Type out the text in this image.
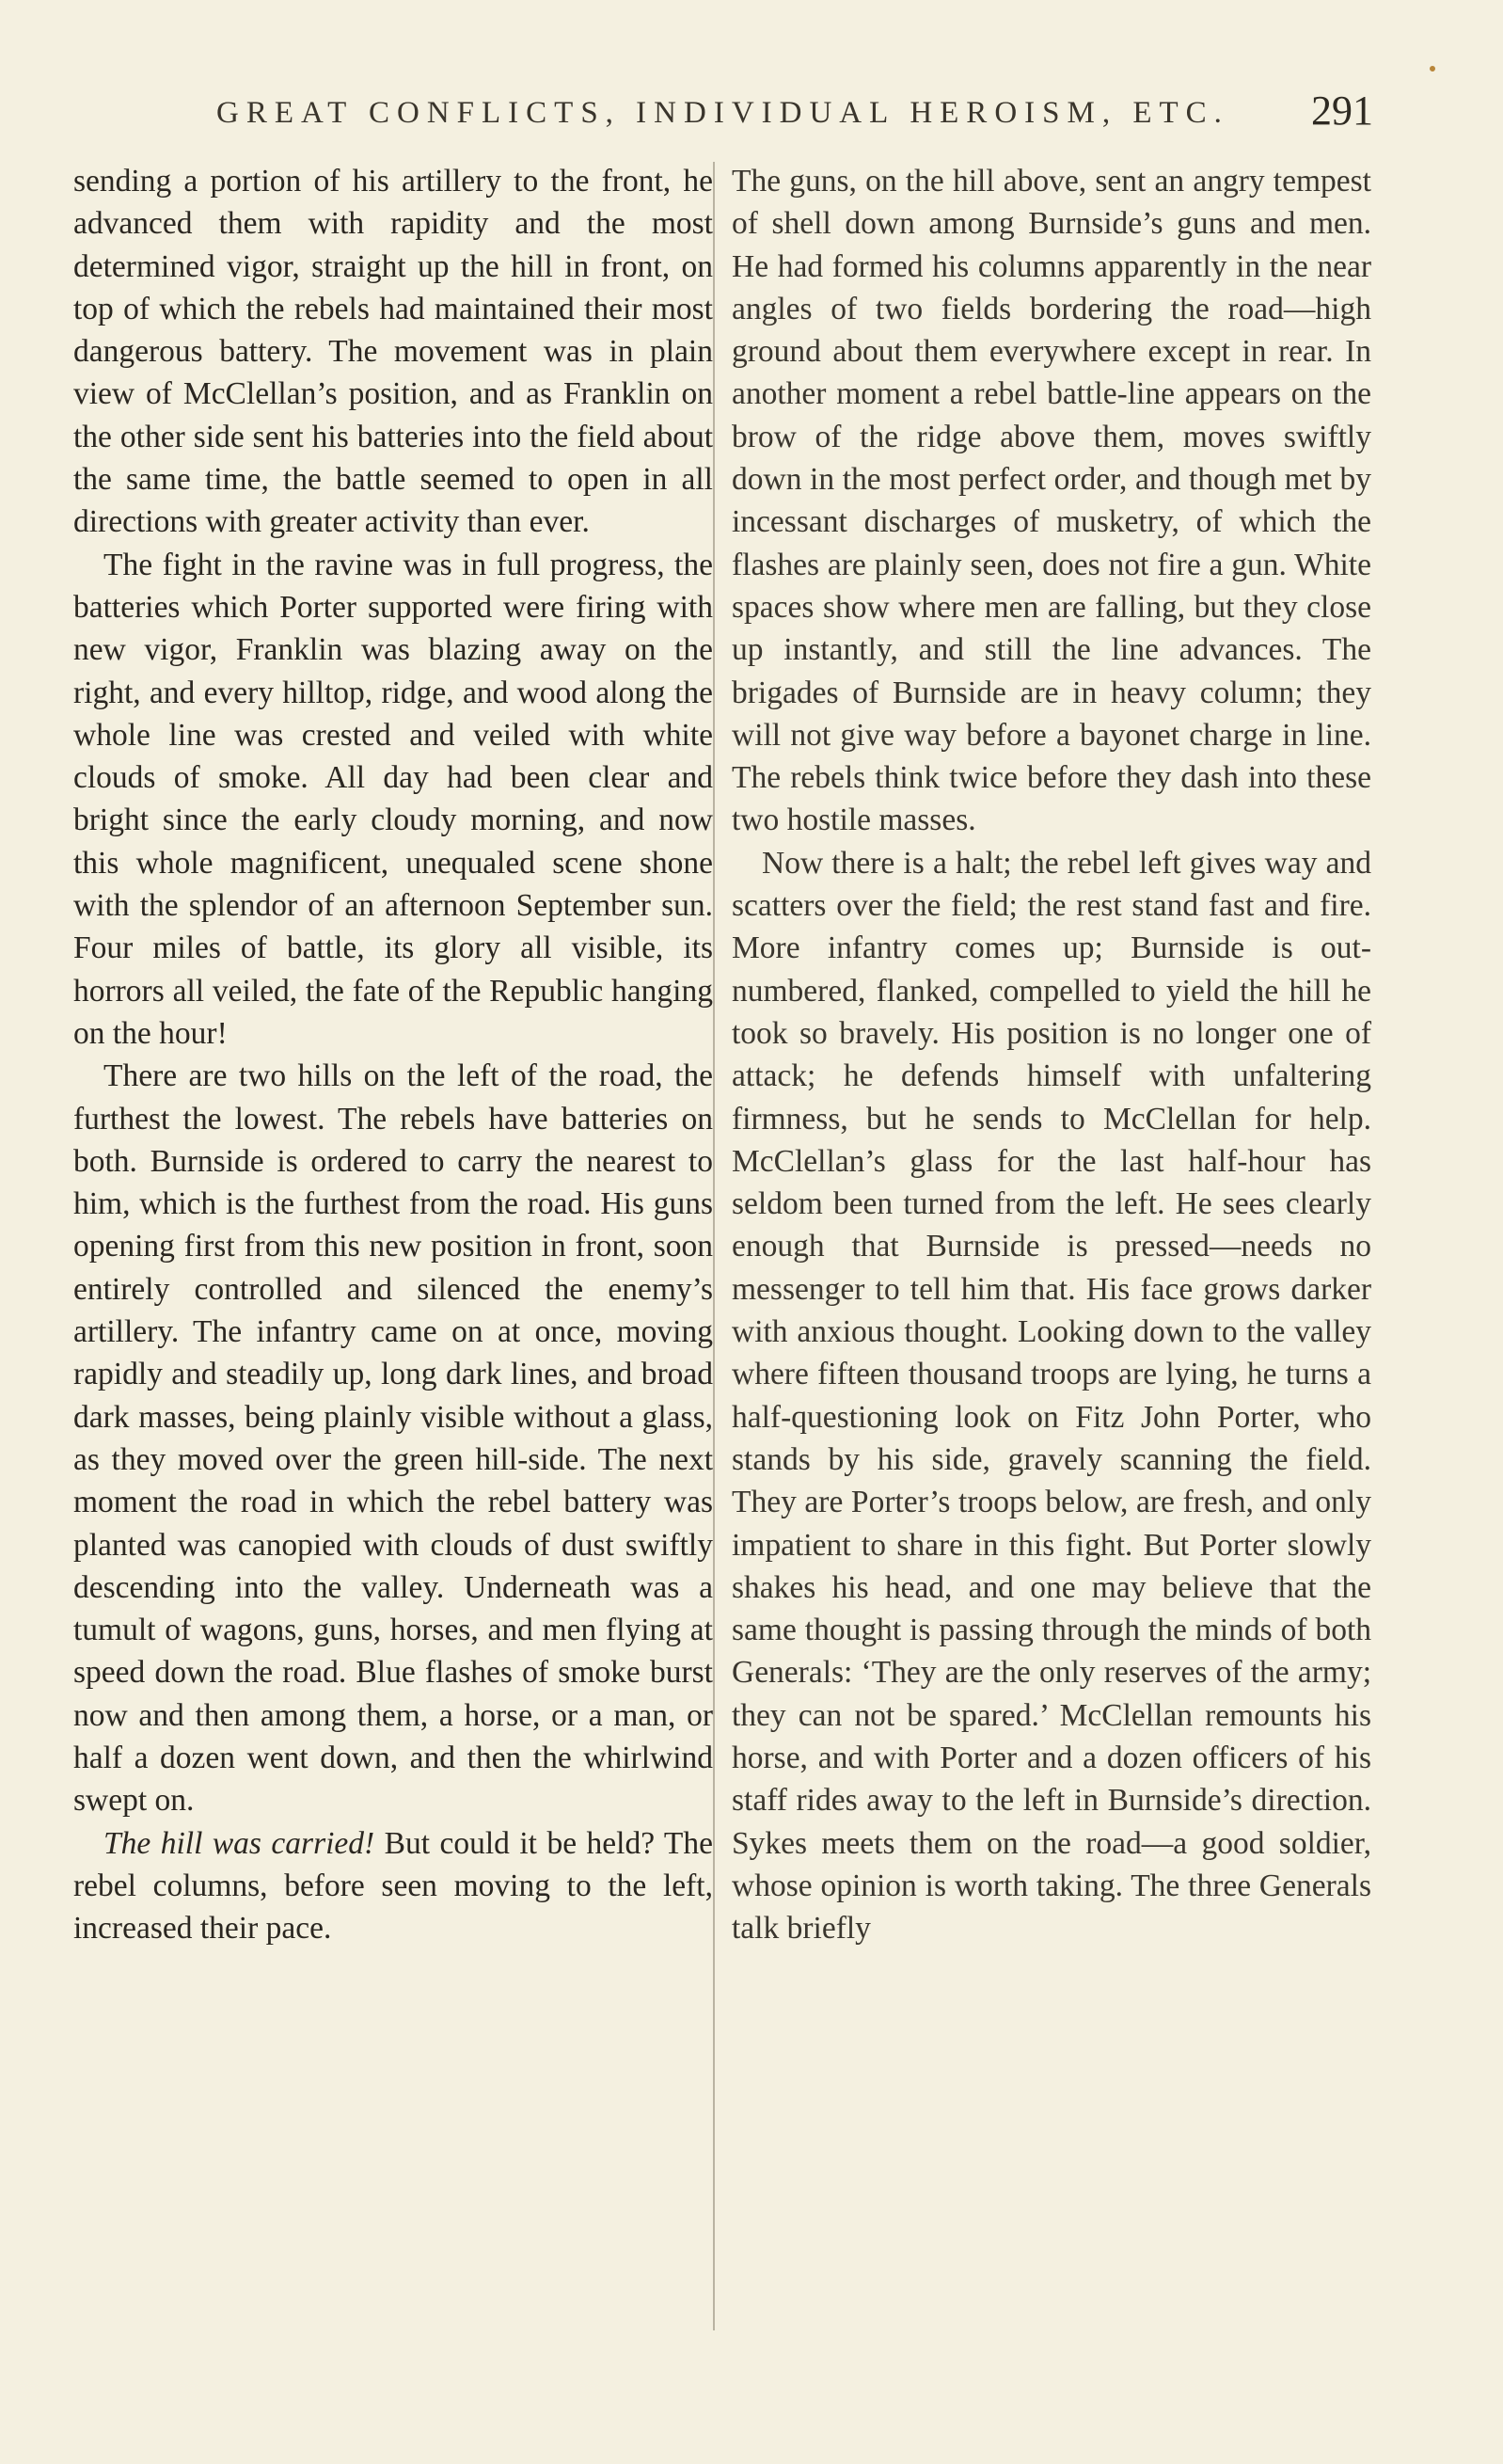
GREAT CONFLICTS, INDIVIDUAL HEROISM, ETC. 291

sending a portion of his artillery to the front, he advanced them with rapidity and the most determined vigor, straight up the hill in front, on top of which the rebels had maintained their most dangerous battery. The movement was in plain view of McClellan’s position, and as Franklin on the other side sent his batteries into the field about the same time, the battle seemed to open in all directions with greater activity than ever.

The fight in the ravine was in full progress, the batteries which Porter supported were firing with new vigor, Franklin was blazing away on the right, and every hilltop, ridge, and wood along the whole line was crested and veiled with white clouds of smoke. All day had been clear and bright since the early cloudy morning, and now this whole magnificent, unequaled scene shone with the splendor of an afternoon September sun. Four miles of battle, its glory all visible, its horrors all veiled, the fate of the Republic hanging on the hour!

There are two hills on the left of the road, the furthest the lowest. The rebels have batteries on both. Burnside is ordered to carry the nearest to him, which is the furthest from the road. His guns opening first from this new position in front, soon entirely controlled and silenced the enemy’s artillery. The infantry came on at once, moving rapidly and steadily up, long dark lines, and broad dark masses, being plainly visible without a glass, as they moved over the green hill-side. The next moment the road in which the rebel battery was planted was canopied with clouds of dust swiftly descending into the valley. Underneath was a tumult of wagons, guns, horses, and men flying at speed down the road. Blue flashes of smoke burst now and then among them, a horse, or a man, or half a dozen went down, and then the whirlwind swept on.

The hill was carried! But could it be held? The rebel columns, before seen moving to the left, increased their pace.

The guns, on the hill above, sent an angry tempest of shell down among Burnside’s guns and men. He had formed his columns apparently in the near angles of two fields bordering the road—high ground about them everywhere except in rear. In another moment a rebel battle-line appears on the brow of the ridge above them, moves swiftly down in the most perfect order, and though met by incessant discharges of musketry, of which the flashes are plainly seen, does not fire a gun. White spaces show where men are falling, but they close up instantly, and still the line advances. The brigades of Burnside are in heavy column; they will not give way before a bayonet charge in line. The rebels think twice before they dash into these two hostile masses.

Now there is a halt; the rebel left gives way and scatters over the field; the rest stand fast and fire. More infantry comes up; Burnside is out-numbered, flanked, compelled to yield the hill he took so bravely. His position is no longer one of attack; he defends himself with unfaltering firmness, but he sends to McClellan for help. McClellan’s glass for the last half-hour has seldom been turned from the left. He sees clearly enough that Burnside is pressed—needs no messenger to tell him that. His face grows darker with anxious thought. Looking down to the valley where fifteen thousand troops are lying, he turns a half-questioning look on Fitz John Porter, who stands by his side, gravely scanning the field. They are Porter’s troops below, are fresh, and only impatient to share in this fight. But Porter slowly shakes his head, and one may believe that the same thought is passing through the minds of both Generals: ‘They are the only reserves of the army; they can not be spared.’ McClellan remounts his horse, and with Porter and a dozen officers of his staff rides away to the left in Burnside’s direction. Sykes meets them on the road—a good soldier, whose opinion is worth taking. The three Generals talk briefly
